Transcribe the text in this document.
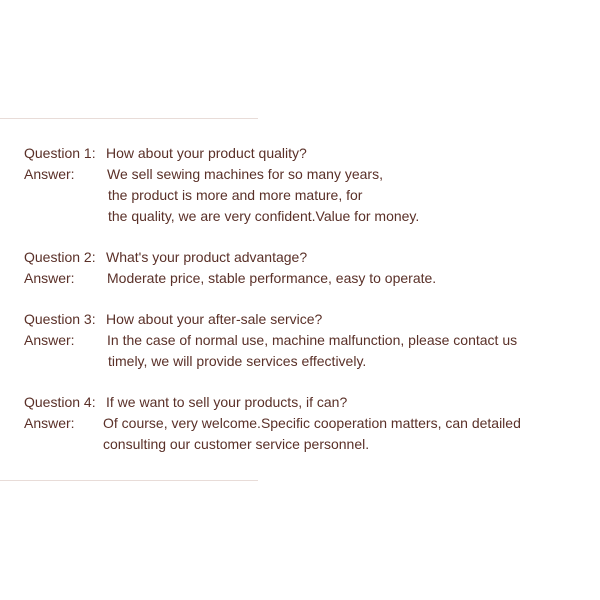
Question 1: How about your product quality?
Answer: We sell sewing machines for so many years,
the product is more and more mature, for
the quality, we are very confident.Value for money.
Question 2: What's your product advantage?
Answer: Moderate price, stable performance, easy to operate.
Question 3: How about your after-sale service?
Answer: In the case of normal use, machine malfunction, please contact us
timely, we will provide services effectively.
Question 4: If we want to sell your products, if can?
Answer: Of course, very welcome.Specific cooperation matters, can detailed
consulting our customer service personnel.
